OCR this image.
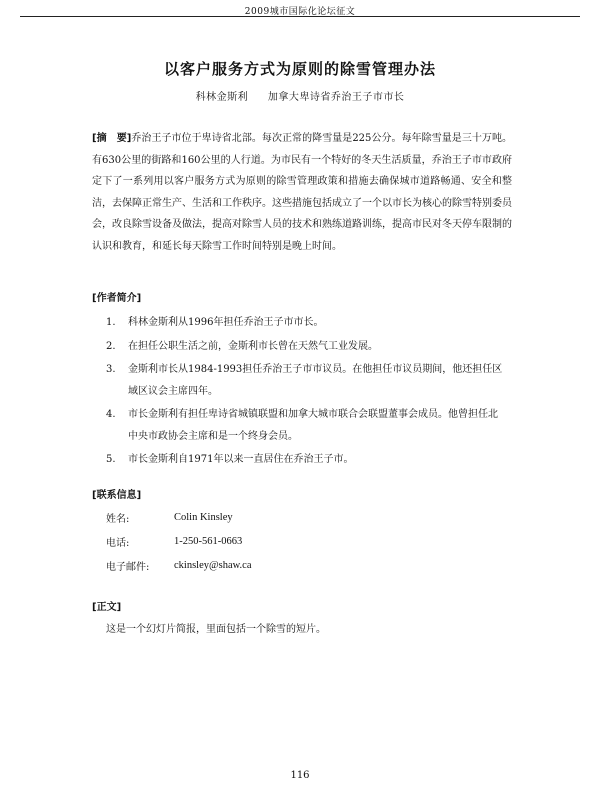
2009城市国际化论坛征文
以客户服务方式为原则的除雪管理办法
科林金斯利 加拿大卑诗省乔治王子市市长
[摘　要]乔治王子市位于卑诗省北部。每次正常的降雪量是225公分。每年除雪量是三十万吨。有630公里的街路和160公里的人行道。为市民有一个特好的冬天生活质量，乔治王子市市政府定下了一系列用以客户服务方式为原则的除雪管理政策和措施去确保城市道路畅通、安全和整洁，去保障正常生产、生活和工作秩序。这些措施包括成立了一个以市长为核心的除雪特别委员会，改良除雪设备及做法，提高对除雪人员的技术和熟练道路训练，提高市民对冬天停车限制的认识和教育，和延长每天除雪工作时间特别是晚上时间。
[作者简介]
1.	科林金斯利从1996年担任乔治王子市市长。
2.	在担任公职生活之前，金斯利市长曾在天然气工业发展。
3.	金斯利市长从1984-1993担任乔治王子市市议员。在他担任市议员期间，他还担任区域区议会主席四年。
4.	市长金斯利有担任卑诗省城镇联盟和加拿大城市联合会联盟董事会成员。他曾担任北中央市政协会主席和是一个终身会员。
5.	市长金斯利自1971年以来一直居住在乔治王子市。
[联系信息]
姓名:	Colin Kinsley
电话:	1-250-561-0663
电子邮件:	ckinsley@shaw.ca
[正文]
这是一个幻灯片简报，里面包括一个除雪的短片。
116
